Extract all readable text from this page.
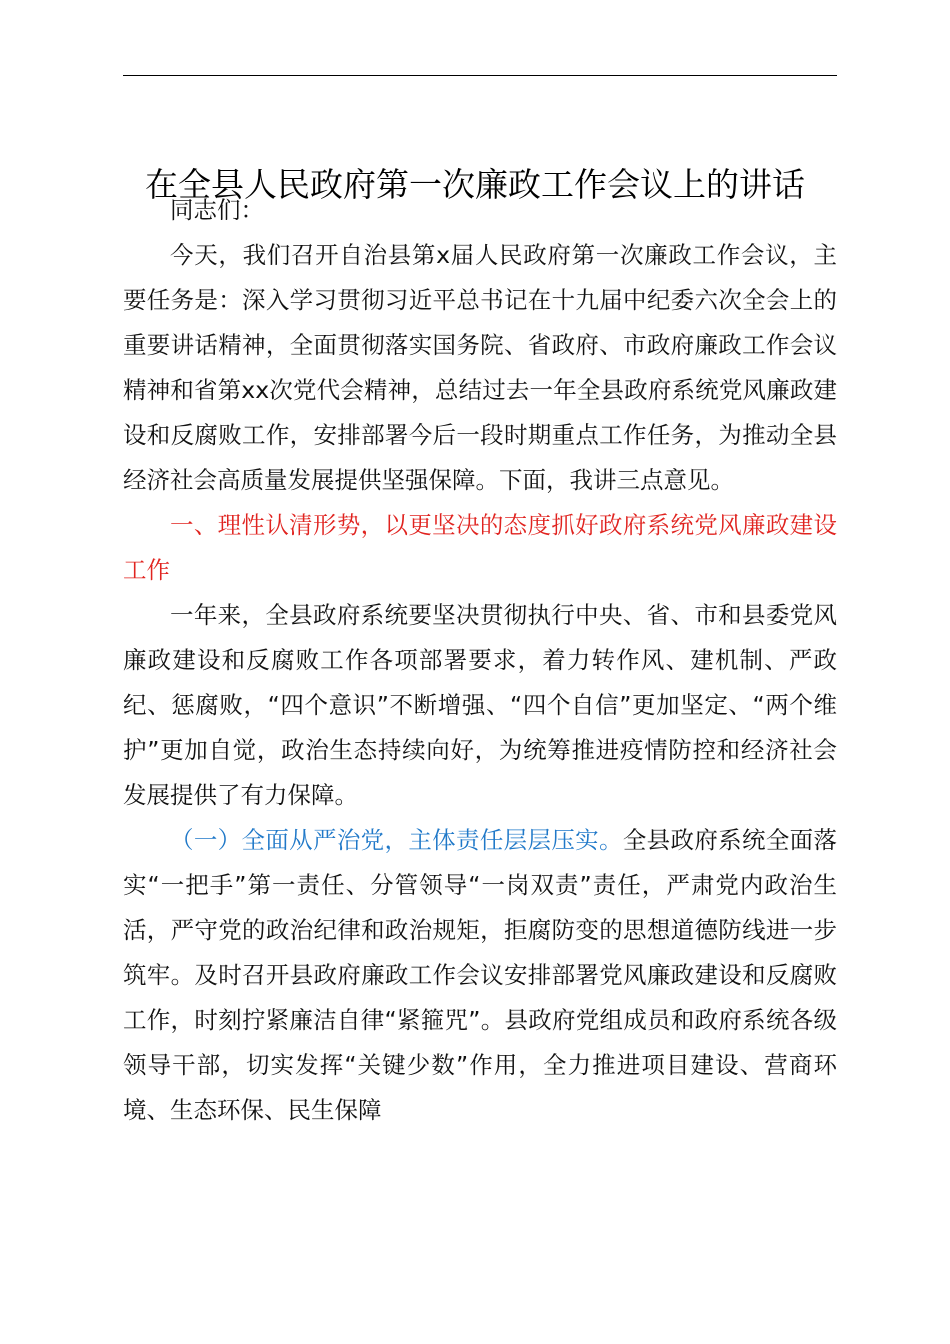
在全县人民政府第一次廉政工作会议上的讲话

同志们：

今天，我们召开自治县第x届人民政府第一次廉政工作会议，主要任务是：深入学习贯彻习近平总书记在十九届中纪委六次全会上的重要讲话精神，全面贯彻落实国务院、省政府、市政府廉政工作会议精神和省第xx次党代会精神，总结过去一年全县政府系统党风廉政建设和反腐败工作，安排部署今后一段时期重点工作任务，为推动全县经济社会高质量发展提供坚强保障。下面，我讲三点意见。

一、理性认清形势，以更坚决的态度抓好政府系统党风廉政建设工作

一年来，全县政府系统要坚决贯彻执行中央、省、市和县委党风廉政建设和反腐败工作各项部署要求，着力转作风、建机制、严政纪、惩腐败，“四个意识”不断增强、“四个自信”更加坚定、“两个维护”更加自觉，政治生态持续向好，为统筹推进疫情防控和经济社会发展提供了有力保障。

（一）全面从严治党，主体责任层层压实。全县政府系统全面落实“一把手”第一责任、分管领导“一岗双责”责任，严肃党内政治生活，严守党的政治纪律和政治规矩，拒腐防变的思想道德防线进一步筑牢。及时召开县政府廉政工作会议安排部署党风廉政建设和反腐败工作，时刻拧紧廉洁自律“紧箍咒”。县政府党组成员和政府系统各级领导干部，切实发挥“关键少数”作用，全力推进项目建设、营商环境、生态环保、民生保障
